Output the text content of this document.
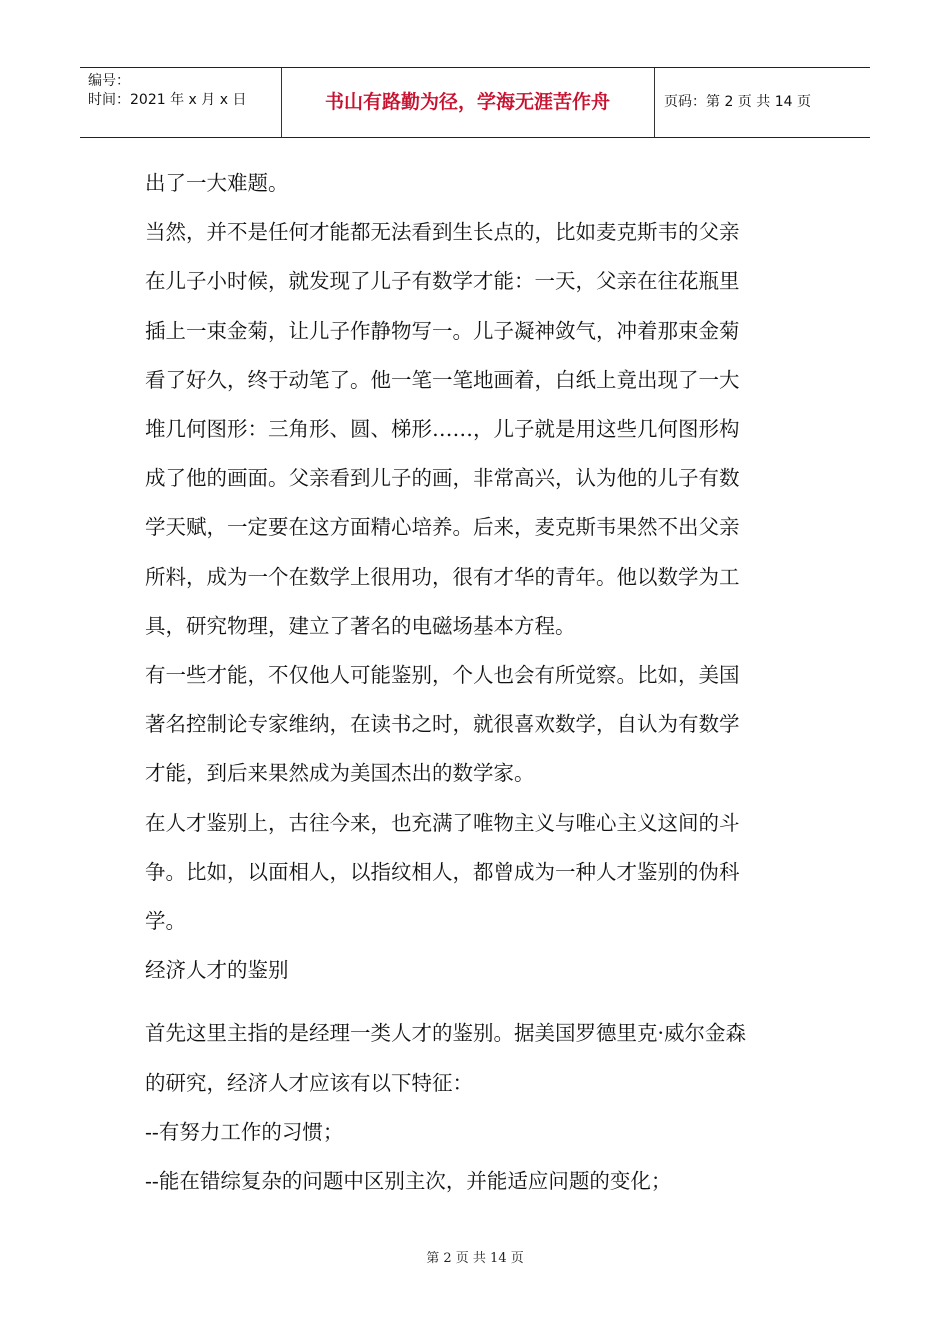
编号：
时间：2021 年 x 月 x 日	书山有路勤为径，学海无涯苦作舟	页码：第 2 页 共 14 页

出了一大难题。

当然，并不是任何才能都无法看到生长点的，比如麦克斯韦的父亲

在儿子小时候，就发现了儿子有数学才能：一天，父亲在往花瓶里

插上一束金菊，让儿子作静物写一。儿子凝神敛气，冲着那束金菊

看了好久，终于动笔了。他一笔一笔地画着，白纸上竟出现了一大

堆几何图形：三角形、圆、梯形……，儿子就是用这些几何图形构

成了他的画面。父亲看到儿子的画，非常高兴，认为他的儿子有数

学天赋，一定要在这方面精心培养。后来，麦克斯韦果然不出父亲

所料，成为一个在数学上很用功，很有才华的青年。他以数学为工

具，研究物理，建立了著名的电磁场基本方程。

有一些才能，不仅他人可能鉴别，个人也会有所觉察。比如，美国

著名控制论专家维纳，在读书之时，就很喜欢数学，自认为有数学

才能，到后来果然成为美国杰出的数学家。

在人才鉴别上，古往今来，也充满了唯物主义与唯心主义这间的斗

争。比如，以面相人，以指纹相人，都曾成为一种人才鉴别的伪科

学。

经济人才的鉴别

首先这里主指的是经理一类人才的鉴别。据美国罗德里克·威尔金森

的研究，经济人才应该有以下特征：

--有努力工作的习惯；

--能在错综复杂的问题中区别主次，并能适应问题的变化；

第 2 页 共 14 页
